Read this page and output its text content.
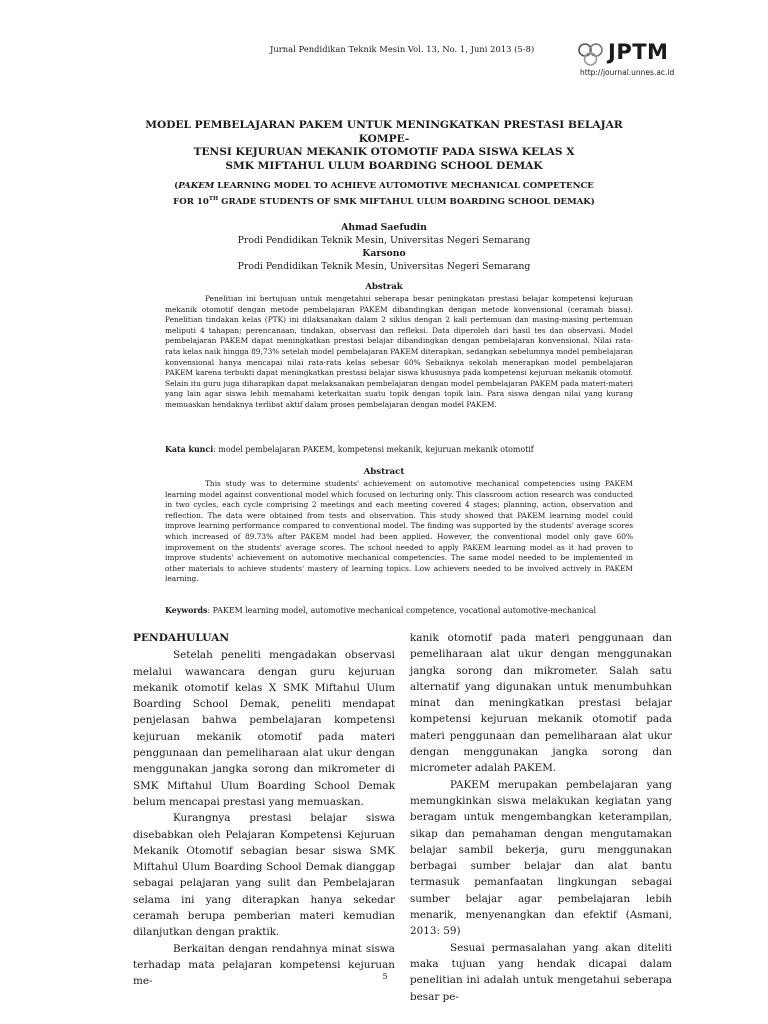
Jurnal Pendidikan Teknik Mesin Vol. 13, No. 1, Juni 2013 (5-8)	JPTM
http://journal.unnes.ac.id
MODEL PEMBELAJARAN PAKEM UNTUK MENINGKATKAN PRESTASI BELAJAR KOMPE-
TENSI KEJURUAN MEKANIK OTOMOTIF PADA SISWA KELAS X
SMK MIFTAHUL ULUM BOARDING SCHOOL DEMAK
(PAKEM LEARNING MODEL TO ACHIEVE AUTOMOTIVE MECHANICAL COMPETENCE
FOR 10TH GRADE STUDENTS OF SMK MIFTAHUL ULUM BOARDING SCHOOL DEMAK)
Ahmad Saefudin
Prodi Pendidikan Teknik Mesin, Universitas Negeri Semarang
Karsono
Prodi Pendidikan Teknik Mesin, Universitas Negeri Semarang
Abstrak
Penelitian ini bertujuan untuk mengetahui seberapa besar peningkatan prestasi belajar kompetensi kejuruan mekanik otomotif dengan metode pembelajaran PAKEM dibandingkan dengan metode konvensional (ceramah biasa). Penelitian tindakan kelas (PTK) ini dilaksanakan dalam 2 siklus dengan 2 kali pertemuan dan masing-masing pertemuan meliputi 4 tahapan; perencanaan, tindakan, observasi dan refleksi. Data diperoleh dari hasil tes dan observasi. Model pembelajaran PAKEM dapat meningkatkan prestasi belajar dibandingkan dengan pembelajaran konvensional. Nilai rata-rata kelas naik hingga 89,73% setelah model pembelajaran PAKEM diterapkan, sedangkan sebelumnya model pembelajaran konvensional hanya mencapai nilai rata-rata kelas sebesar 60% Sebaiknya sekolah menerapkan model pembelajaran PAKEM karena terbukti dapat meningkatkan prestasi belajar siswa khususnya pada kompetensi kejuruan mekanik otomotif. Selain itu guru juga diharapkan dapat melaksanakan pembelajaran dengan model pembelajaran PAKEM pada materi-materi yang lain agar siswa lebih memahami keterkaitan suatu topik dengan topik lain. Para siswa dengan nilai yang kurang memuaskan hendaknya terlibat aktif dalam proses pembelajaran dengan model PAKEM.
Kata kunci: model pembelajaran PAKEM, kompetensi mekanik, kejuruan mekanik otomotif
Abstract
This study was to determine students' achievement on automotive mechanical competencies using PAKEM learning model against conventional model which focused on lecturing only. This classroom action research was conducted in two cycles, each cycle comprising 2 meetings and each meeting covered 4 stages; planning, action, observation and reflection. The data were obtained from tests and observation. This study showed that PAKEM learning model could improve learning performance compared to conventional model. The finding was supported by the students' average scores which increased of 89.73% after PAKEM model had been applied. However, the conventional model only gave 60% improvement on the students' average scores. The school needed to apply PAKEM learning model as it had proven to improve students' achievement on automotive mechanical competencies. The same model needed to be implemented in other materials to achieve students' mastery of learning topics. Low achievers needed to be involved actively in PAKEM learning.
Keywords: PAKEM learning model, automotive mechanical competence, vocational automotive-mechanical
PENDAHULUAN

Setelah peneliti mengadakan observasi melalui wawancara dengan guru kejuruan mekanik otomotif kelas X SMK Miftahul Ulum Boarding School Demak, peneliti mendapat penjelasan bahwa pembelajaran kompetensi kejuruan mekanik otomotif pada materi penggunaan dan pemeliharaan alat ukur dengan menggunakan jangka sorong dan mikrometer di SMK Miftahul Ulum Boarding School Demak belum mencapai prestasi yang memuaskan.

Kurangnya prestasi belajar siswa disebabkan oleh Pelajaran Kompetensi Kejuruan Mekanik Otomotif sebagian besar siswa SMK Miftahul Ulum Boarding School Demak dianggap sebagai pelajaran yang sulit dan Pembelajaran selama ini yang diterapkan hanya sekedar ceramah berupa pemberian materi kemudian dilanjutkan dengan praktik.

Berkaitan dengan rendahnya minat siswa terhadap mata pelajaran kompetensi kejuruan me-

kanik otomotif pada materi penggunaan dan pemeliharaan alat ukur dengan menggunakan jangka sorong dan mikrometer. Salah satu alternatif yang digunakan untuk menumbuhkan minat dan meningkatkan prestasi belajar kompetensi kejuruan mekanik otomotif pada materi penggunaan dan pemeliharaan alat ukur dengan menggunakan jangka sorong dan micrometer adalah PAKEM.

PAKEM merupakan pembelajaran yang memungkinkan siswa melakukan kegiatan yang beragam untuk mengembangkan keterampilan, sikap dan pemahaman dengan mengutamakan belajar sambil bekerja, guru menggunakan berbagai sumber belajar dan alat bantu termasuk pemanfaatan lingkungan sebagai sumber belajar agar pembelajaran lebih menarik, menyenangkan dan efektif (Asmani, 2013: 59)

Sesuai permasalahan yang akan diteliti maka tujuan yang hendak dicapai dalam penelitian ini adalah untuk mengetahui seberapa besar pe-

5
